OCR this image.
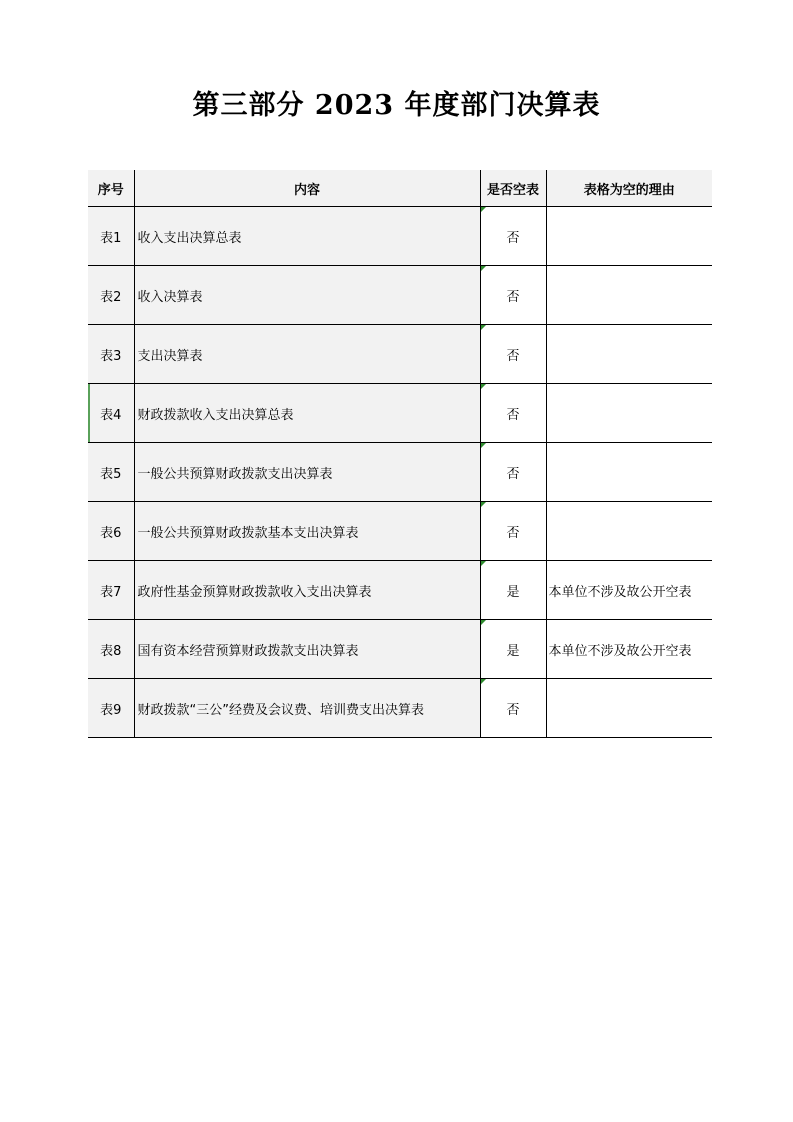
第三部分 2023 年度部门决算表
序号	内容	是否空表	表格为空的理由
表1	收入支出决算总表	否	
表2	收入决算表	否	
表3	支出决算表	否	
表4	财政拨款收入支出决算总表	否	
表5	一般公共预算财政拨款支出决算表	否	
表6	一般公共预算财政拨款基本支出决算表	否	
表7	政府性基金预算财政拨款收入支出决算表	是	本单位不涉及故公开空表
表8	国有资本经营预算财政拨款支出决算表	是	本单位不涉及故公开空表
表9	财政拨款“三公”经费及会议费、培训费支出决算表	否	
